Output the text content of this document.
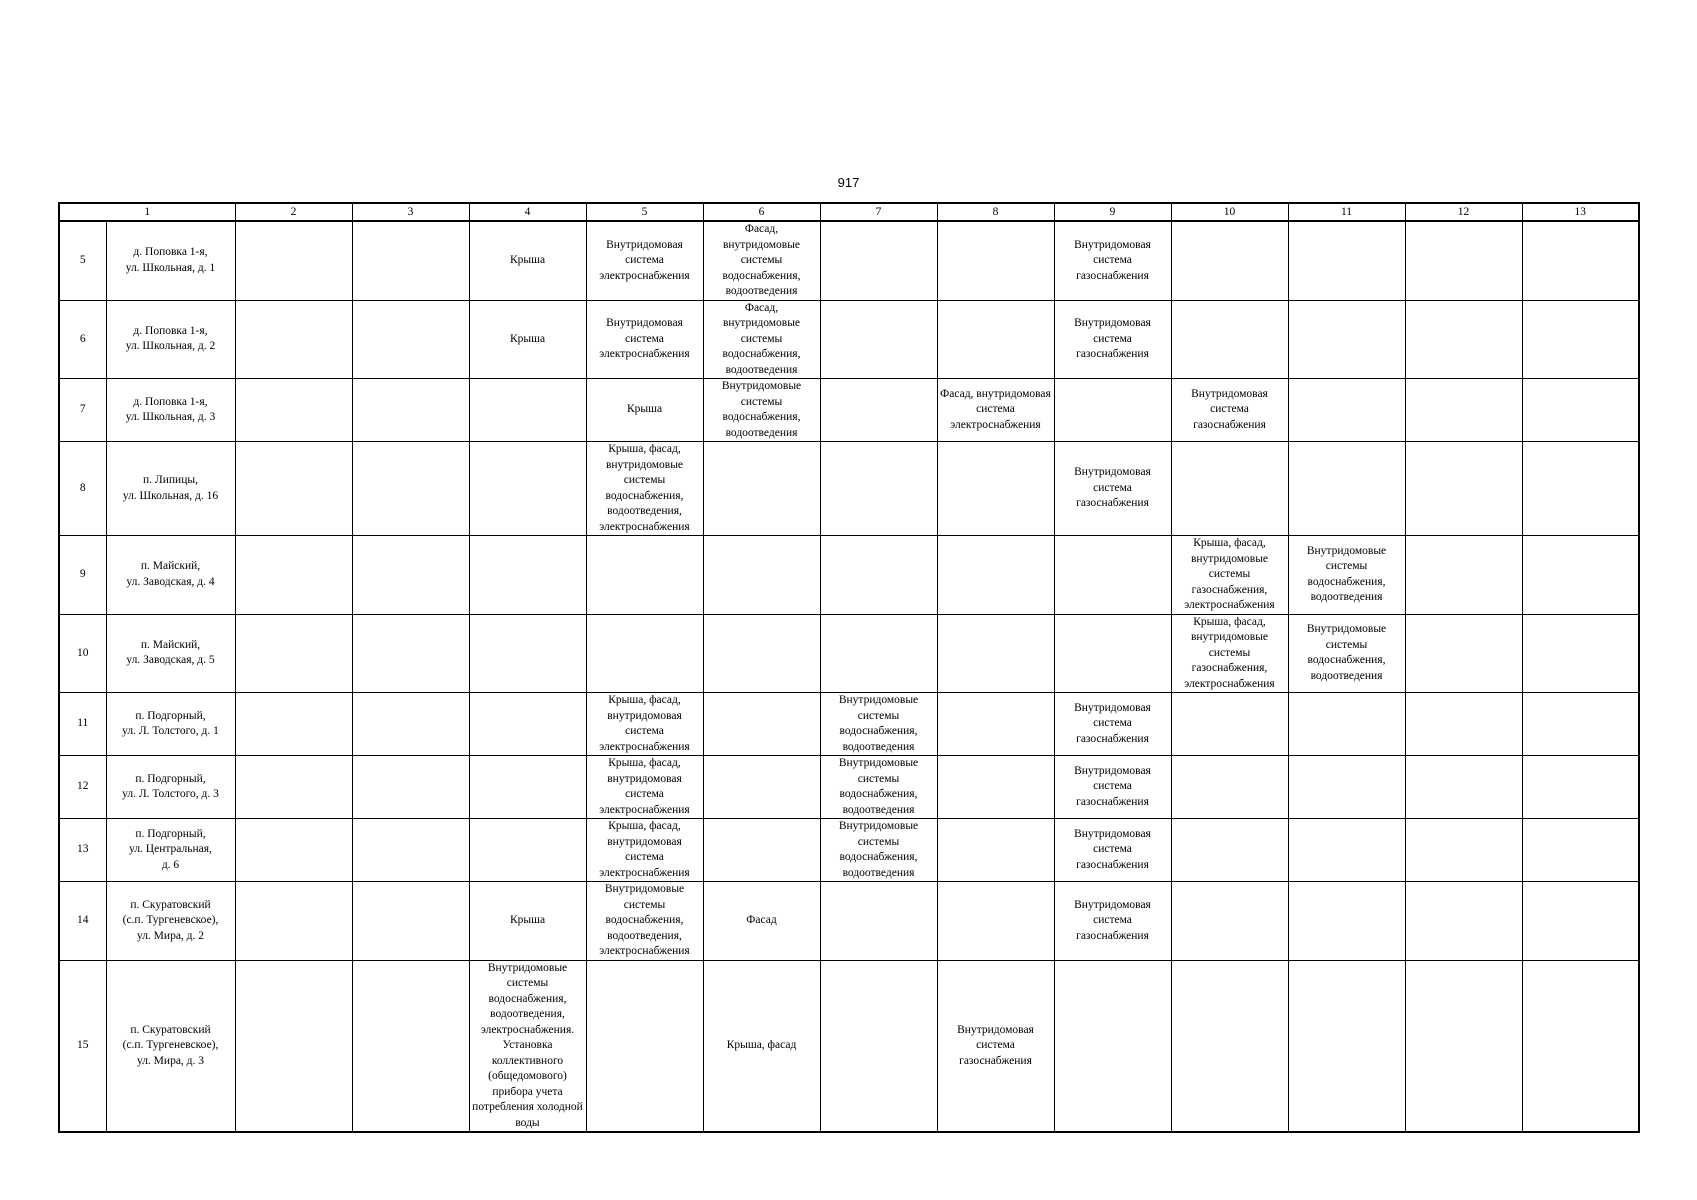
917
1		2	3	4	5	6	7	8	9	10	11	12	13
5	д. Поповка 1-я,
ул. Школьная, д. 1			Крыша	Внутридомовая система электроснабжения	Фасад, внутридомовые системы водоснабжения, водоотведения			Внутридомовая система газоснабжения				
6	д. Поповка 1-я,
ул. Школьная, д. 2			Крыша	Внутридомовая система электроснабжения	Фасад, внутридомовые системы водоснабжения, водоотведения			Внутридомовая система газоснабжения				
7	д. Поповка 1-я,
ул. Школьная, д. 3				Крыша	Внутридомовые системы водоснабжения, водоотведения		Фасад, внутридомовая система электроснабжения		Внутридомовая система газоснабжения			
8	п. Липицы,
ул. Школьная, д. 16				Крыша, фасад, внутридомовые системы водоснабжения, водоотведения, электроснабжения				Внутридомовая система газоснабжения				
9	п. Майский,
ул. Заводская, д. 4									Крыша, фасад, внутридомовые системы газоснабжения, электроснабжения	Внутридомовые системы водоснабжения, водоотведения		
10	п. Майский,
ул. Заводская, д. 5									Крыша, фасад, внутридомовые системы газоснабжения, электроснабжения	Внутридомовые системы водоснабжения, водоотведения		
11	п. Подгорный,
ул. Л. Толстого, д. 1				Крыша, фасад, внутридомовая система электроснабжения		Внутридомовые системы водоснабжения, водоотведения		Внутридомовая система газоснабжения				
12	п. Подгорный,
ул. Л. Толстого, д. 3				Крыша, фасад, внутридомовая система электроснабжения		Внутридомовые системы водоснабжения, водоотведения		Внутридомовая система газоснабжения				
13	п. Подгорный,
ул. Центральная,
д. 6				Крыша, фасад, внутридомовая система электроснабжения		Внутридомовые системы водоснабжения, водоотведения		Внутридомовая система газоснабжения				
14	п. Скуратовский
(с.п. Тургеневское),
ул. Мира, д. 2			Крыша	Внутридомовые системы водоснабжения, водоотведения, электроснабжения	Фасад			Внутридомовая система газоснабжения				
15	п. Скуратовский
(с.п. Тургеневское),
ул. Мира, д. 3			Внутридомовые системы водоснабжения, водоотведения, электроснабжения. Установка коллективного (общедомового) прибора учета потребления холодной воды		Крыша, фасад		Внутридомовая система газоснабжения					
